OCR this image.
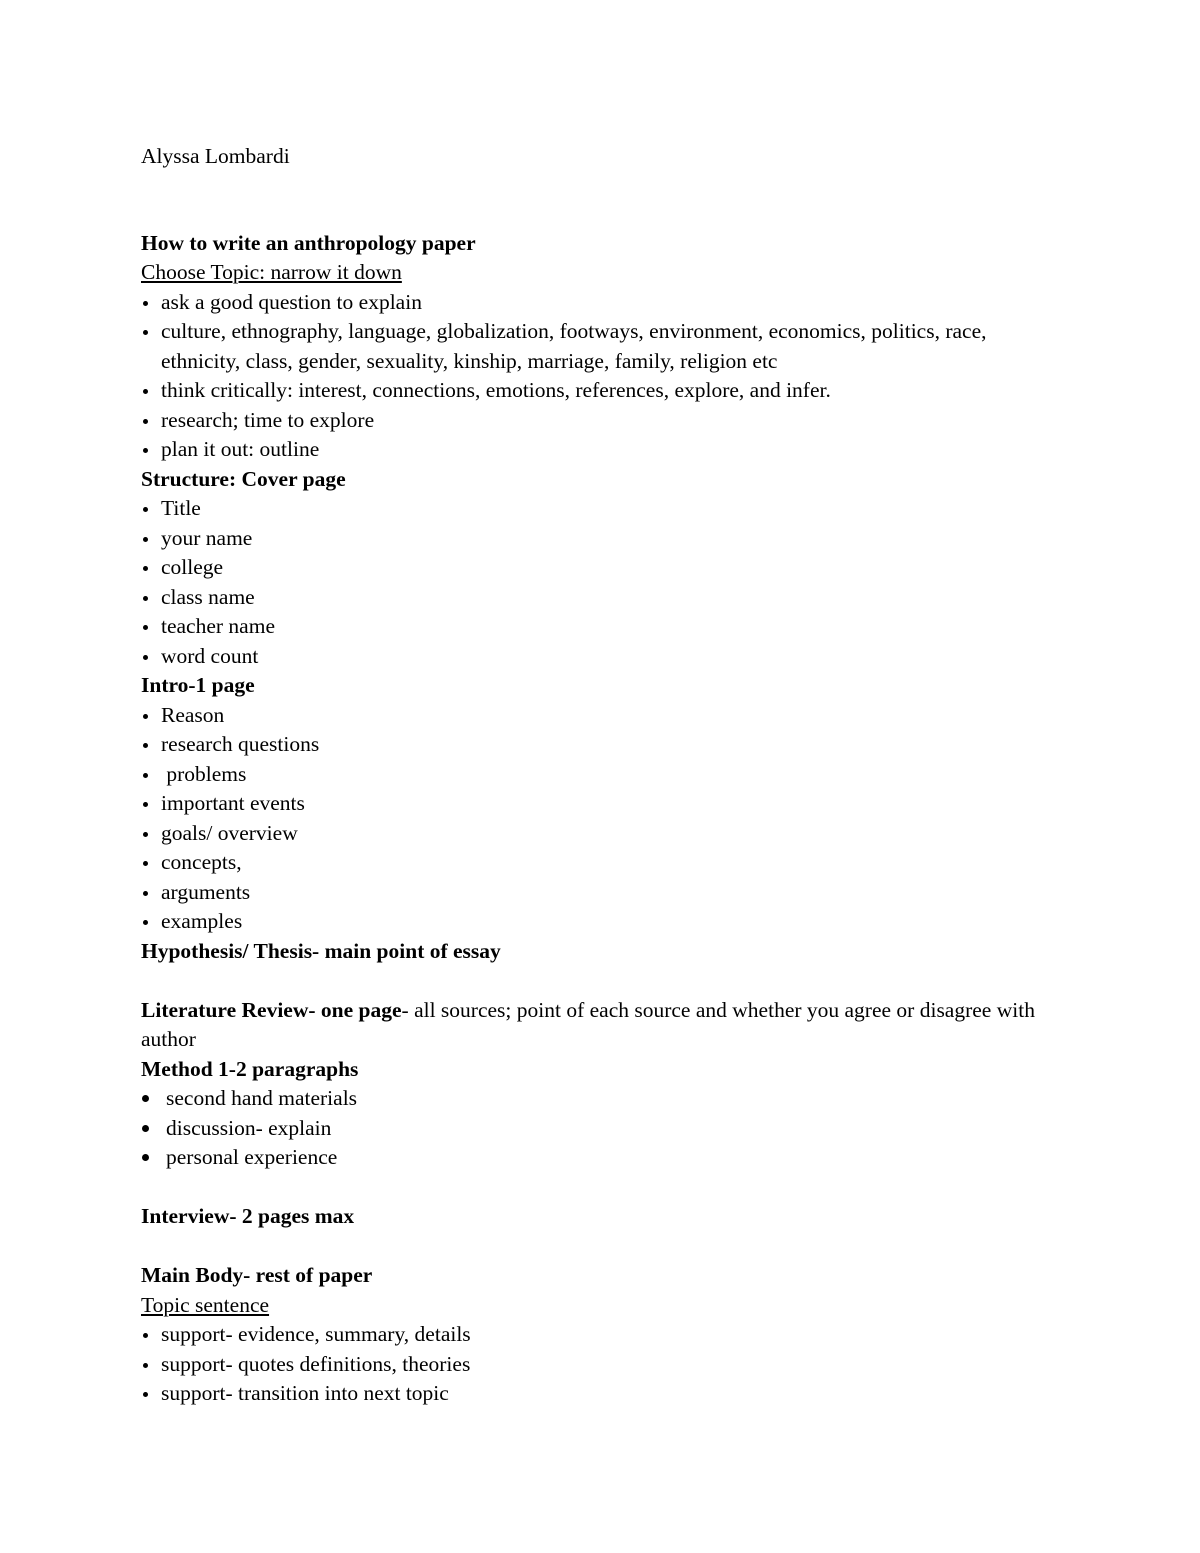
Alyssa Lombardi

How to write an anthropology paper

Choose Topic: narrow it down

ask a good question to explain
culture, ethnography, language, globalization, footways, environment, economics, politics, race, ethnicity, class, gender, sexuality, kinship, marriage, family, religion etc
think critically: interest, connections, emotions, references, explore, and infer.
research; time to explore
plan it out: outline

Structure: Cover page

Title
your name
college
class name
teacher name
word count

Intro-1 page

Reason
research questions
problems
important events
goals/ overview
concepts,
arguments
examples

Hypothesis/ Thesis- main point of essay

Literature Review- one page- all sources; point of each source and whether you agree or disagree with author

Method 1-2 paragraphs

second hand materials
discussion- explain
personal experience

Interview- 2 pages max

Main Body- rest of paper

Topic sentence

support- evidence, summary, details
support- quotes definitions, theories
support- transition into next topic
